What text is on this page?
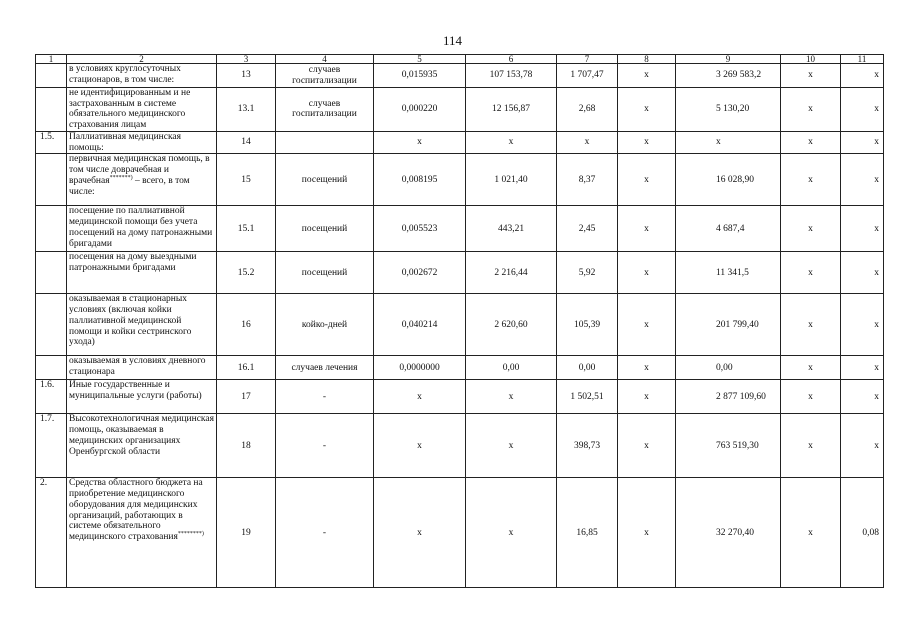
114
1	2	3	4	5	6	7	8	9	10	11
	в условиях круглосуточных стационаров, в том числе:	13	случаев госпитализации	0,015935	107 153,78	1 707,47	x	3 269 583,2	x	x
	не идентифицированным и не застрахованным в системе обязательного медицинского страхования лицам	13.1	случаев госпитализации	0,000220	12 156,87	2,68	x	5 130,20	x	x
1.5.	Паллиативная медицинская помощь:	14		x	x	x	x	x	x	x
	первичная медицинская помощь, в том числе доврачебная и врачебная*******) – всего, в том числе:	15	посещений	0,008195	1 021,40	8,37	x	16 028,90	x	x
	посещение по паллиативной медицинской помощи без учета посещений на дому патронажными бригадами	15.1	посещений	0,005523	443,21	2,45	x	4 687,4	x	x
	посещения на дому выездными патронажными бригадами	15.2	посещений	0,002672	2 216,44	5,92	x	11 341,5	x	x
	оказываемая в стационарных условиях (включая койки паллиативной медицинской помощи и койки сестринского ухода)	16	койко-дней	0,040214	2 620,60	105,39	x	201 799,40	x	x
	оказываемая в условиях дневного стационара	16.1	случаев лечения	0,0000000	0,00	0,00	x	0,00	x	x
1.6.	Иные государственные и муниципальные услуги (работы)	17	-	x	x	1 502,51	x	2 877 109,60	x	x
1.7.	Высокотехнологичная медицинская помощь, оказываемая в медицинских организациях Оренбургской области	18	-	x	x	398,73	x	763 519,30	x	x
2.	Средства областного бюджета на приобретение медицинского оборудования для медицинских организаций, работающих в системе обязательного медицинского страхования********)	19	-	x	x	16,85	x	32 270,40	x	0,08
